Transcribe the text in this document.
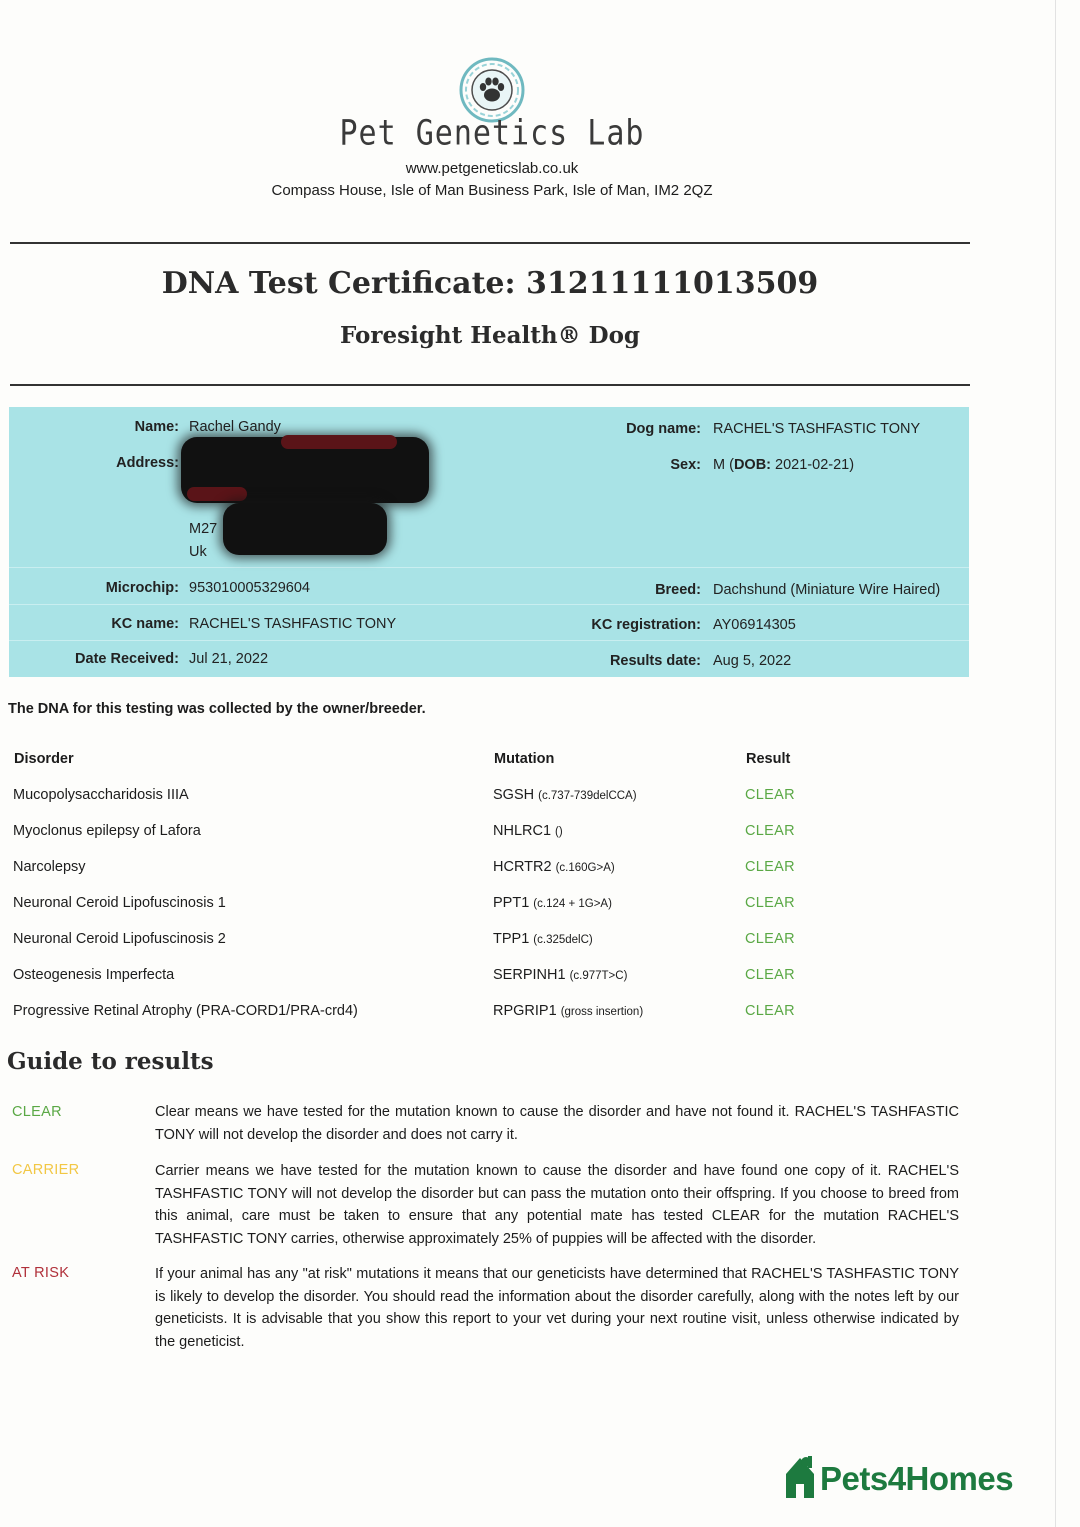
Pet Genetics Lab
www.petgeneticslab.co.uk
Compass House, Isle of Man Business Park, Isle of Man, IM2 2QZ
DNA Test Certificate: 31211111013509
Foresight Health® Dog
Name: Rachel Gandy
Address:
M27
Uk
Dog name: RACHEL'S TASHFASTIC TONY
Sex: M (DOB: 2021-02-21)
Microchip: 953010005329604	Breed: Dachshund (Miniature Wire Haired)
KC name: RACHEL'S TASHFASTIC TONY	KC registration: AY06914305
Date Received: Jul 21, 2022	Results date: Aug 5, 2022
The DNA for this testing was collected by the owner/breeder.
Disorder	Mutation	Result
Mucopolysaccharidosis IIIA	SGSH (c.737-739delCCA)	CLEAR
Myoclonus epilepsy of Lafora	NHLRC1 ()	CLEAR
Narcolepsy	HCRTR2 (c.160G>A)	CLEAR
Neuronal Ceroid Lipofuscinosis 1	PPT1 (c.124 + 1G>A)	CLEAR
Neuronal Ceroid Lipofuscinosis 2	TPP1 (c.325delC)	CLEAR
Osteogenesis Imperfecta	SERPINH1 (c.977T>C)	CLEAR
Progressive Retinal Atrophy (PRA-CORD1/PRA-crd4)	RPGRIP1 (gross insertion)	CLEAR
Guide to results
CLEAR	Clear means we have tested for the mutation known to cause the disorder and have not found it. RACHEL'S TASHFASTIC TONY will not develop the disorder and does not carry it.
CARRIER	Carrier means we have tested for the mutation known to cause the disorder and have found one copy of it. RACHEL'S TASHFASTIC TONY will not develop the disorder but can pass the mutation onto their offspring. If you choose to breed from this animal, care must be taken to ensure that any potential mate has tested CLEAR for the mutation RACHEL'S TASHFASTIC TONY carries, otherwise approximately 25% of puppies will be affected with the disorder.
AT RISK	If your animal has any "at risk" mutations it means that our geneticists have determined that RACHEL'S TASHFASTIC TONY is likely to develop the disorder. You should read the information about the disorder carefully, along with the notes left by our geneticists. It is advisable that you show this report to your vet during your next routine visit, unless otherwise indicated by the geneticist.
Pets4Homes
